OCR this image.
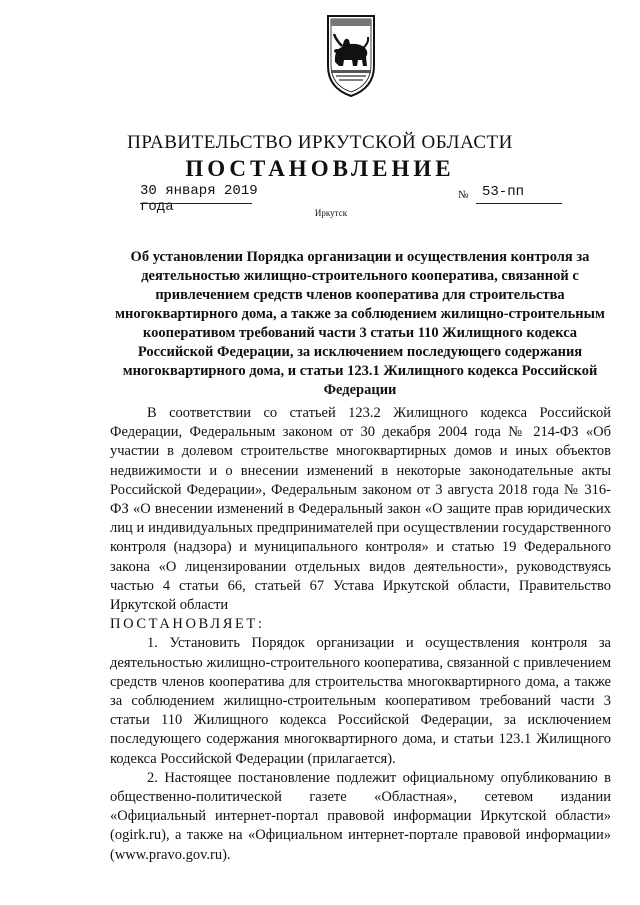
ПРАВИТЕЛЬСТВО ИРКУТСКОЙ ОБЛАСТИ
ПОСТАНОВЛЕНИЕ
30 января 2019 года
№ 53-пп
Иркутск
Об установлении Порядка организации и осуществления контроля за деятельностью жилищно-строительного кооператива, связанной с привлечением средств членов кооператива для строительства многоквартирного дома, а также за соблюдением жилищно-строительным кооперативом требований части 3 статьи 110 Жилищного кодекса Российской Федерации, за исключением последующего содержания многоквартирного дома, и статьи 123.1 Жилищного кодекса Российской Федерации

В соответствии со статьей 123.2 Жилищного кодекса Российской Федерации, Федеральным законом от 30 декабря 2004 года № 214-ФЗ «Об участии в долевом строительстве многоквартирных домов и иных объектов недвижимости и о внесении изменений в некоторые законодательные акты Российской Федерации», Федеральным законом от 3 августа 2018 года № 316-ФЗ «О внесении изменений в Федеральный закон «О защите прав юридических лиц и индивидуальных предпринимателей при осуществлении государственного контроля (надзора) и муниципального контроля» и статью 19 Федерального закона «О лицензировании отдельных видов деятельности», руководствуясь частью 4 статьи 66, статьей 67 Устава Иркутской области, Правительство Иркутской области

ПОСТАНОВЛЯЕТ:

1. Установить Порядок организации и осуществления контроля за деятельностью жилищно-строительного кооператива, связанной с привлечением средств членов кооператива для строительства многоквартирного дома, а также за соблюдением жилищно-строительным кооперативом требований части 3 статьи 110 Жилищного кодекса Российской Федерации, за исключением последующего содержания многоквартирного дома, и статьи 123.1 Жилищного кодекса Российской Федерации (прилагается).

2. Настоящее постановление подлежит официальному опубликованию в общественно-политической газете «Областная», сетевом издании «Официальный интернет-портал правовой информации Иркутской области» (ogirk.ru), а также на «Официальном интернет-портале правовой информации» (www.pravo.gov.ru).
